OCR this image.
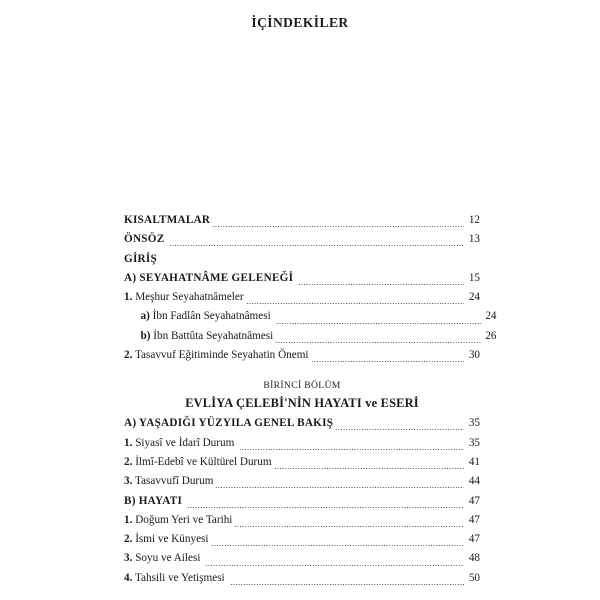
İÇİNDEKİLER
KISALTMALAR	12
ÖNSÖZ	13
GİRİŞ
A) SEYAHATNÂME GELENEĞİ	15
1. Meşhur Seyahatnâmeler	24
a) İbn Fadlân Seyahatnâmesi	24
b) İbn Battûta Seyahatnâmesi	26
2. Tasavvuf Eğitiminde Seyahatin Önemi	30
BİRİNCİ BÖLÜM
EVLİYA ÇELEBİ'NİN HAYATI ve ESERİ
A) YAŞADIĞI YÜZYILA GENEL BAKIŞ	35
1. Siyasî ve İdarî Durum	35
2. İlmî-Edebî ve Kültürel Durum	41
3. Tasavvufî Durum	44
B) HAYATI	47
1. Doğum Yeri ve Tarihi	47
2. İsmi ve Künyesi	47
3. Soyu ve Ailesi	48
4. Tahsili ve Yetişmesi	50
